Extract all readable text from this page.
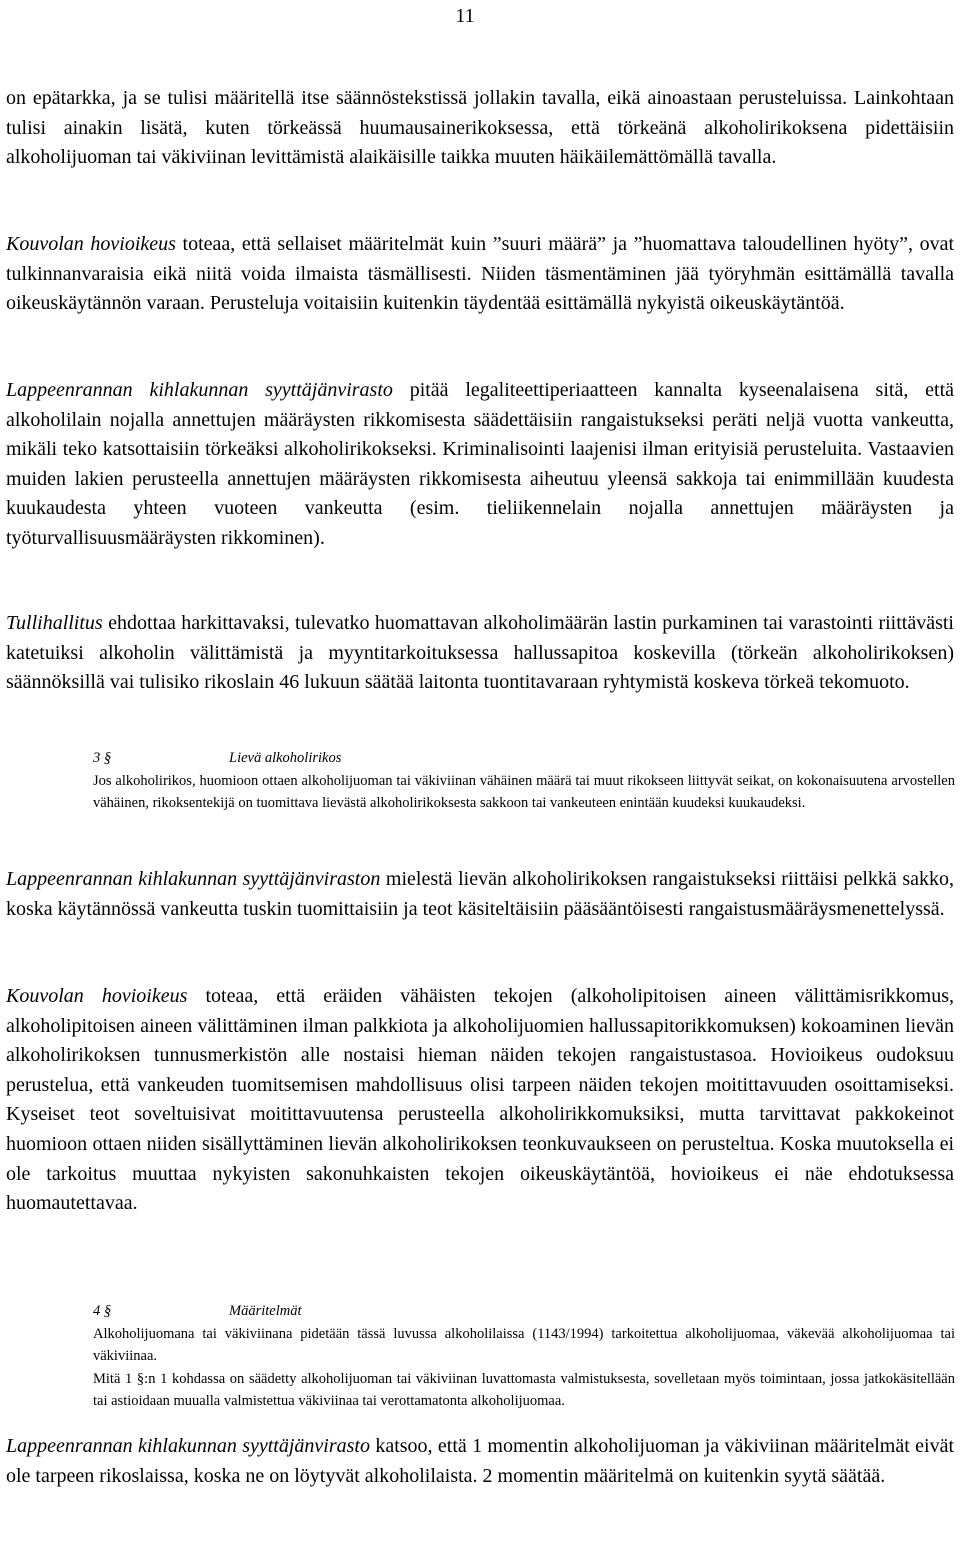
11

on epätarkka, ja se tulisi määritellä itse säännöstekstissä jollakin tavalla, eikä ainoastaan perusteluissa. Lainkohtaan tulisi ainakin lisätä, kuten törkeässä huumausainerikoksessa, että törkeänä alkoholirikoksena pidettäisiin alkoholijuoman tai väkiviinan levittämistä alaikäisille taikka muuten häikäilemättömällä tavalla.

Kouvolan hovioikeus toteaa, että sellaiset määritelmät kuin ”suuri määrä” ja ”huomattava taloudellinen hyöty”, ovat tulkinnanvaraisia eikä niitä voida ilmaista täsmällisesti. Niiden täsmentäminen jää työryhmän esittämällä tavalla oikeuskäytännön varaan. Perusteluja voitaisiin kuitenkin täydentää esittämällä nykyistä oikeuskäytäntöä.

Lappeenrannan kihlakunnan syyttäjänvirasto pitää legaliteettiperiaatteen kannalta kyseenalaisena sitä, että alkoholilain nojalla annettujen määräysten rikkomisesta säädettäisiin rangaistukseksi peräti neljä vuotta vankeutta, mikäli teko katsottaisiin törkeäksi alkoholirikokseksi. Kriminalisointi laajenisi ilman erityisiä perusteluita. Vastaavien muiden lakien perusteella annettujen määräysten rikkomisesta aiheutuu yleensä sakkoja tai enimmillään kuudesta kuukaudesta yhteen vuoteen vankeutta (esim. tieliikennelain nojalla annettujen määräysten ja työturvallisuusmääräysten rikkominen).

Tullihallitus ehdottaa harkittavaksi, tulevatko huomattavan alkoholimäärän lastin purkaminen tai varastointi riittävästi katetuiksi alkoholin välittämistä ja myyntitarkoituksessa hallussapitoa koskevilla (törkeän alkoholirikoksen) säännöksillä vai tulisiko rikoslain 46 lukuun säätää laitonta tuontitavaraan ryhtymistä koskeva törkeä tekomuoto.

3 §	Lievä alkoholirikos
Jos alkoholirikos, huomioon ottaen alkoholijuoman tai väkiviinan vähäinen määrä tai muut rikokseen liittyvät seikat, on kokonaisuutena arvostellen vähäinen, rikoksentekijä on tuomittava lievästä alkoholirikoksesta sakkoon tai vankeuteen enintään kuudeksi kuukaudeksi.

Lappeenrannan kihlakunnan syyttäjänviraston mielestä lievän alkoholirikoksen rangaistukseksi riittäisi pelkkä sakko, koska käytännössä vankeutta tuskin tuomittaisiin ja teot käsiteltäisiin pääsääntöisesti rangaistusmääräysmenettelyssä.

Kouvolan hovioikeus toteaa, että eräiden vähäisten tekojen (alkoholipitoisen aineen välittämisrikkomus, alkoholipitoisen aineen välittäminen ilman palkkiota ja alkoholijuomien hallussapitorikkomuksen) kokoaminen lievän alkoholirikoksen tunnusmerkistön alle nostaisi hieman näiden tekojen rangaistustasoa. Hovioikeus oudoksuu perustelua, että vankeuden tuomitsemisen mahdollisuus olisi tarpeen näiden tekojen moitittavuuden osoittamiseksi. Kyseiset teot soveltuisivat moitittavuutensa perusteella alkoholirikkomuksiksi, mutta tarvittavat pakkokeinot huomioon ottaen niiden sisällyttäminen lievän alkoholirikoksen teonkuvaukseen on perusteltua. Koska muutoksella ei ole tarkoitus muuttaa nykyisten sakonuhkaisten tekojen oikeuskäytäntöä, hovioikeus ei näe ehdotuksessa huomautettavaa.

4 §	Määritelmät
Alkoholijuomana tai väkiviinana pidetään tässä luvussa alkoholilaissa (1143/1994) tarkoitettua alkoholijuomaa, väkevää alkoholijuomaa tai väkiviinaa.
Mitä 1 §:n 1 kohdassa on säädetty alkoholijuoman tai väkiviinan luvattomasta valmistuksesta, sovelletaan myös toimintaan, jossa jatkokäsitellään tai astioidaan muualla valmistettua väkiviinaa tai verottamatonta alkoholijuomaa.

Lappeenrannan kihlakunnan syyttäjänvirasto katsoo, että 1 momentin alkoholijuoman ja väkiviinan määritelmät eivät ole tarpeen rikoslaissa, koska ne on löytyvät alkoholilaista. 2 momentin määritelmä on kuitenkin syytä säätää.
